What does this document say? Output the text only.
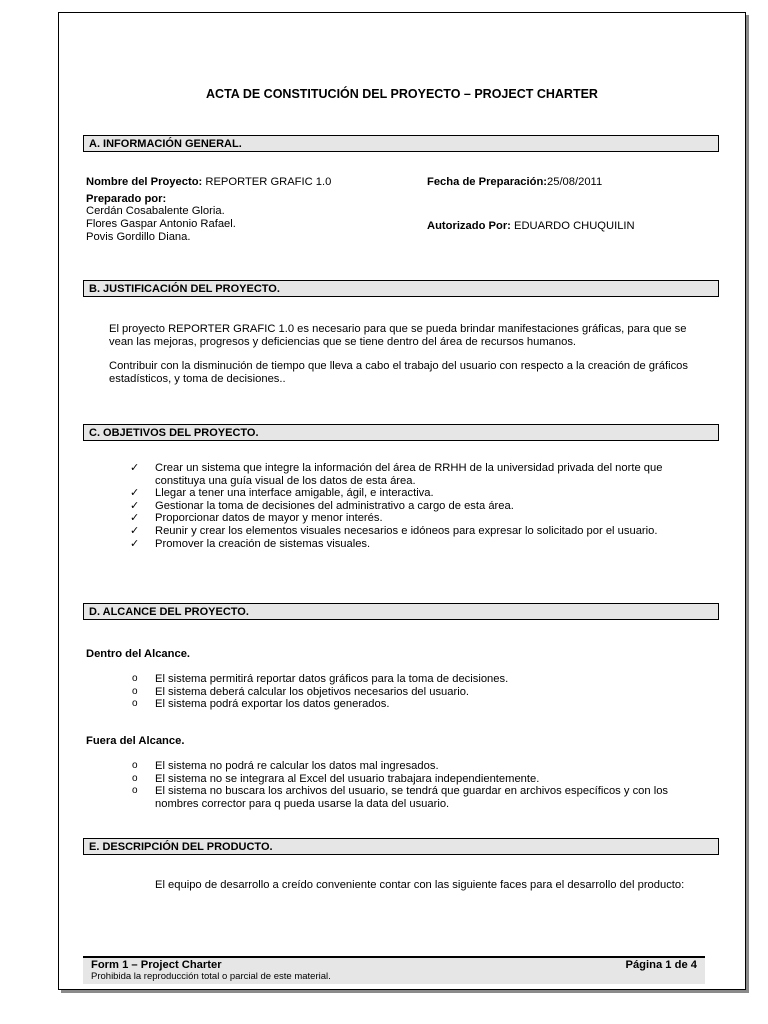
ACTA DE CONSTITUCIÓN DEL PROYECTO – PROJECT CHARTER
A. INFORMACIÓN GENERAL.
Nombre del Proyecto: REPORTER GRAFIC 1.0	Fecha de Preparación:25/08/2011
Preparado por:
Cerdán Cosabalente Gloria.
Flores Gaspar Antonio Rafael.
Povis Gordillo Diana.
Autorizado Por: EDUARDO CHUQUILIN
B. JUSTIFICACIÓN DEL PROYECTO.
El proyecto REPORTER GRAFIC 1.0 es necesario para que se pueda brindar manifestaciones gráficas, para que se
vean las mejoras, progresos y deficiencias que se tiene dentro del área de recursos humanos.
Contribuir con la disminución de tiempo que lleva a cabo el trabajo del usuario con respecto a la creación de gráficos
estadísticos, y toma de decisiones..
C. OBJETIVOS DEL PROYECTO.
✓ Crear un sistema que integre la información del área de RRHH de la universidad privada del norte que
constituya una guía visual de los datos de esta área.
✓ Llegar a tener una interface amigable, ágil, e interactiva.
✓ Gestionar la toma de decisiones del administrativo a cargo de esta área.
✓ Proporcionar datos de mayor y menor interés.
✓ Reunir y crear los elementos visuales necesarios e idóneos para expresar lo solicitado por el usuario.
✓ Promover la creación de sistemas visuales.
D. ALCANCE DEL PROYECTO.
Dentro del Alcance.
o El sistema permitirá reportar datos gráficos para la toma de decisiones.
o El sistema deberá calcular los objetivos necesarios del usuario.
o El sistema podrá exportar los datos generados.
Fuera del Alcance.
o El sistema no podrá re calcular los datos mal ingresados.
o El sistema no se integrara al Excel del usuario trabajara independientemente.
o El sistema no buscara los archivos del usuario, se tendrá que guardar en archivos específicos y con los
nombres corrector para q pueda usarse la data del usuario.
E. DESCRIPCIÓN DEL PRODUCTO.
El equipo de desarrollo a creído conveniente contar con las siguiente faces para el desarrollo del producto:
Form 1 – Project Charter	Página 1 de 4
Prohibida la reproducción total o parcial de este material.
